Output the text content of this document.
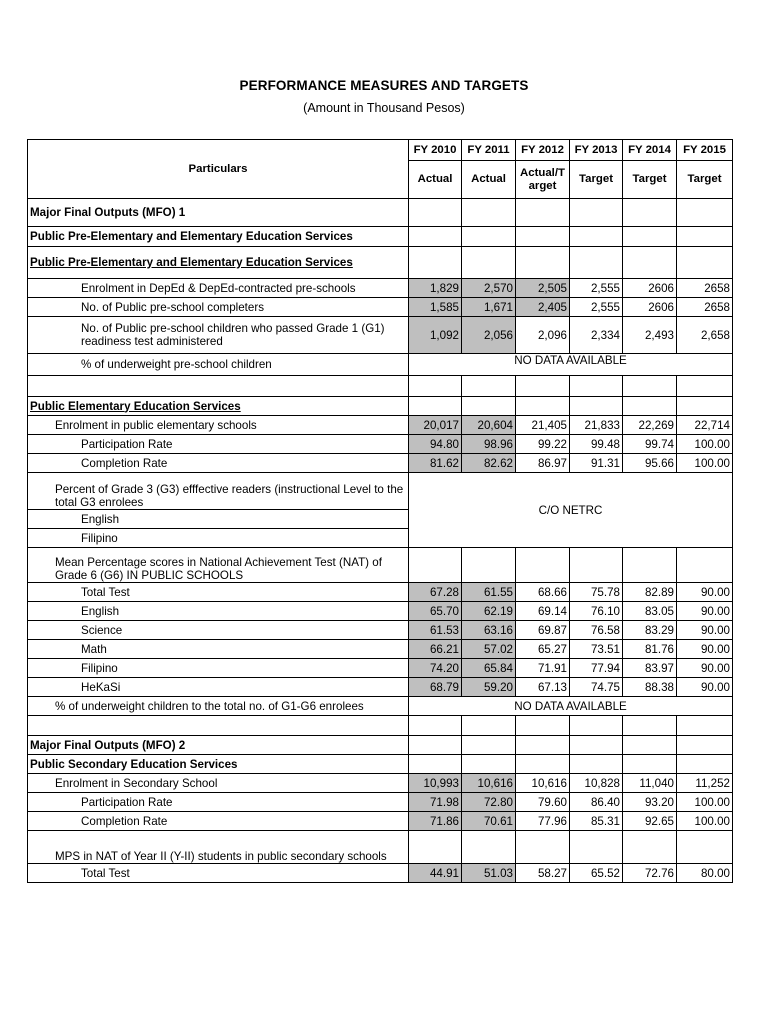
PERFORMANCE MEASURES AND TARGETS
(Amount in Thousand Pesos)
Particulars	FY 2010	FY 2011	FY 2012	FY 2013	FY 2014	FY 2015
	Actual	Actual	Actual/Target	Target	Target	Target
Major Final Outputs (MFO) 1						
Public Pre-Elementary and Elementary Education Services						
Public Pre-Elementary and Elementary Education Services						
Enrolment in DepEd & DepEd-contracted pre-schools	1,829	2,570	2,505	2,555	2606	2658
No. of Public pre-school completers	1,585	1,671	2,405	2,555	2606	2658
No. of Public pre-school children who passed Grade 1 (G1) readiness test administered	1,092	2,056	2,096	2,334	2,493	2,658
% of underweight pre-school children	NO DATA AVAILABLE					

Public Elementary Education Services						
Enrolment in public elementary schools	20,017	20,604	21,405	21,833	22,269	22,714
Participation Rate	94.80	98.96	99.22	99.48	99.74	100.00
Completion Rate	81.62	82.62	86.97	91.31	95.66	100.00
Percent of Grade 3 (G3) efffective readers (instructional Level to the total G3 enrolees	C/O NETRC					
English						
Filipino						
Mean Percentage scores in National Achievement Test (NAT) of Grade 6 (G6) IN PUBLIC SCHOOLS						
Total Test	67.28	61.55	68.66	75.78	82.89	90.00
English	65.70	62.19	69.14	76.10	83.05	90.00
Science	61.53	63.16	69.87	76.58	83.29	90.00
Math	66.21	57.02	65.27	73.51	81.76	90.00
Filipino	74.20	65.84	71.91	77.94	83.97	90.00
HeKaSi	68.79	59.20	67.13	74.75	88.38	90.00
% of underweight children to the total no. of G1-G6 enrolees	NO DATA AVAILABLE					

Major Final Outputs (MFO) 2						
Public Secondary Education Services						
Enrolment in Secondary School	10,993	10,616	10,616	10,828	11,040	11,252
Participation Rate	71.98	72.80	79.60	86.40	93.20	100.00
Completion Rate	71.86	70.61	77.96	85.31	92.65	100.00
MPS in NAT of Year II (Y-II) students in public secondary schools						
Total Test	44.91	51.03	58.27	65.52	72.76	80.00
